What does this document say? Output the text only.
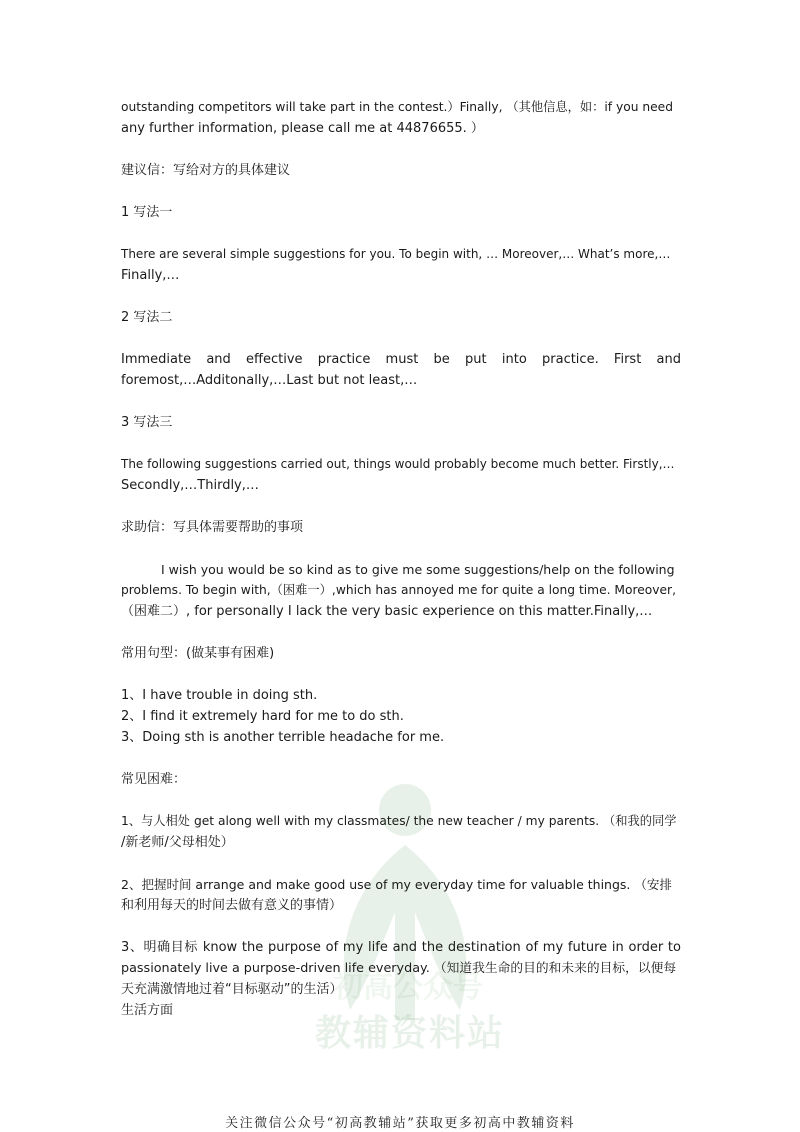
初高公众号
教辅资料站
outstanding competitors will take part in the contest.）Finally, （其他信息，如：if you need
any further information, please call me at 44876655. ）
建议信：写给对方的具体建议
1 写法一
There are several simple suggestions for you. To begin with, … Moreover,… What’s more,…
Finally,…
2 写法二
Immediate and effective practice must be put into practice. First and
foremost,…Additonally,…Last but not least,…
3 写法三
The following suggestions carried out, things would probably become much better. Firstly,…
Secondly,…Thirdly,…
求助信：写具体需要帮助的事项
I wish you would be so kind as to give me some suggestions/help on the following
problems. To begin with,（困难一）,which has annoyed me for quite a long time. Moreover,
（困难二）, for personally I lack the very basic experience on this matter.Finally,…
常用句型：(做某事有困难)
1、I have trouble in doing sth.
2、I find it extremely hard for me to do sth.
3、Doing sth is another terrible headache for me.
常见困难：
1、与人相处 get along well with my classmates/ the new teacher / my parents. （和我的同学
/新老师/父母相处）
2、把握时间 arrange and make good use of my everyday time for valuable things. （安排
和利用每天的时间去做有意义的事情）
3、明确目标 know the purpose of my life and the destination of my future in order to
passionately live a purpose-driven life everyday. （知道我生命的目的和未来的目标，以便每
天充满激情地过着“目标驱动”的生活）
生活方面
关注微信公众号“初高教辅站”获取更多初高中教辅资料
